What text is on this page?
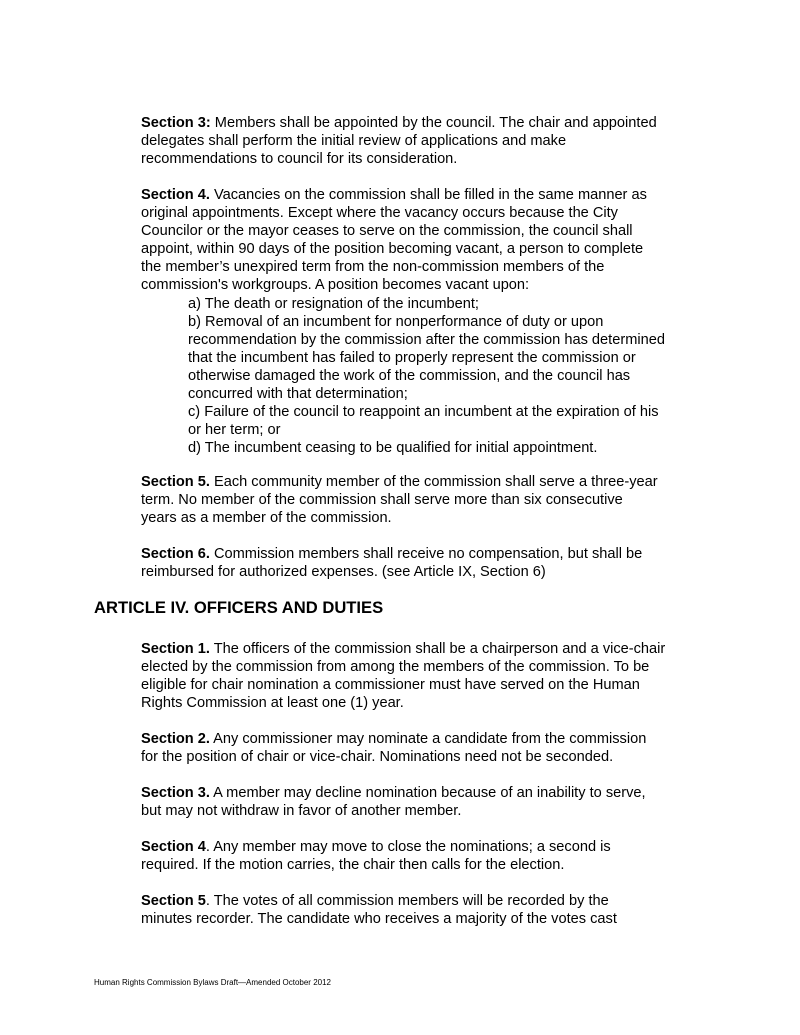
Section 3: Members shall be appointed by the council. The chair and appointed
delegates shall perform the initial review of applications and make
recommendations to council for its consideration.
Section 4. Vacancies on the commission shall be filled in the same manner as
original appointments. Except where the vacancy occurs because the City
Councilor or the mayor ceases to serve on the commission, the council shall
appoint, within 90 days of the position becoming vacant, a person to complete
the member’s unexpired term from the non-commission members of the
commission's workgroups. A position becomes vacant upon:
a) The death or resignation of the incumbent;
b) Removal of an incumbent for nonperformance of duty or upon
recommendation by the commission after the commission has determined
that the incumbent has failed to properly represent the commission or
otherwise damaged the work of the commission, and the council has
concurred with that determination;
c) Failure of the council to reappoint an incumbent at the expiration of his
or her term; or
d) The incumbent ceasing to be qualified for initial appointment.
Section 5. Each community member of the commission shall serve a three-year
term. No member of the commission shall serve more than six consecutive
years as a member of the commission.
Section 6. Commission members shall receive no compensation, but shall be
reimbursed for authorized expenses. (see Article IX, Section 6)
ARTICLE IV. OFFICERS AND DUTIES
Section 1. The officers of the commission shall be a chairperson and a vice-chair
elected by the commission from among the members of the commission. To be
eligible for chair nomination a commissioner must have served on the Human
Rights Commission at least one (1) year.
Section 2. Any commissioner may nominate a candidate from the commission
for the position of chair or vice-chair. Nominations need not be seconded.
Section 3. A member may decline nomination because of an inability to serve,
but may not withdraw in favor of another member.
Section 4. Any member may move to close the nominations; a second is
required. If the motion carries, the chair then calls for the election.
Section 5. The votes of all commission members will be recorded by the
minutes recorder. The candidate who receives a majority of the votes cast

Human Rights Commission Bylaws Draft—Amended October 2012
